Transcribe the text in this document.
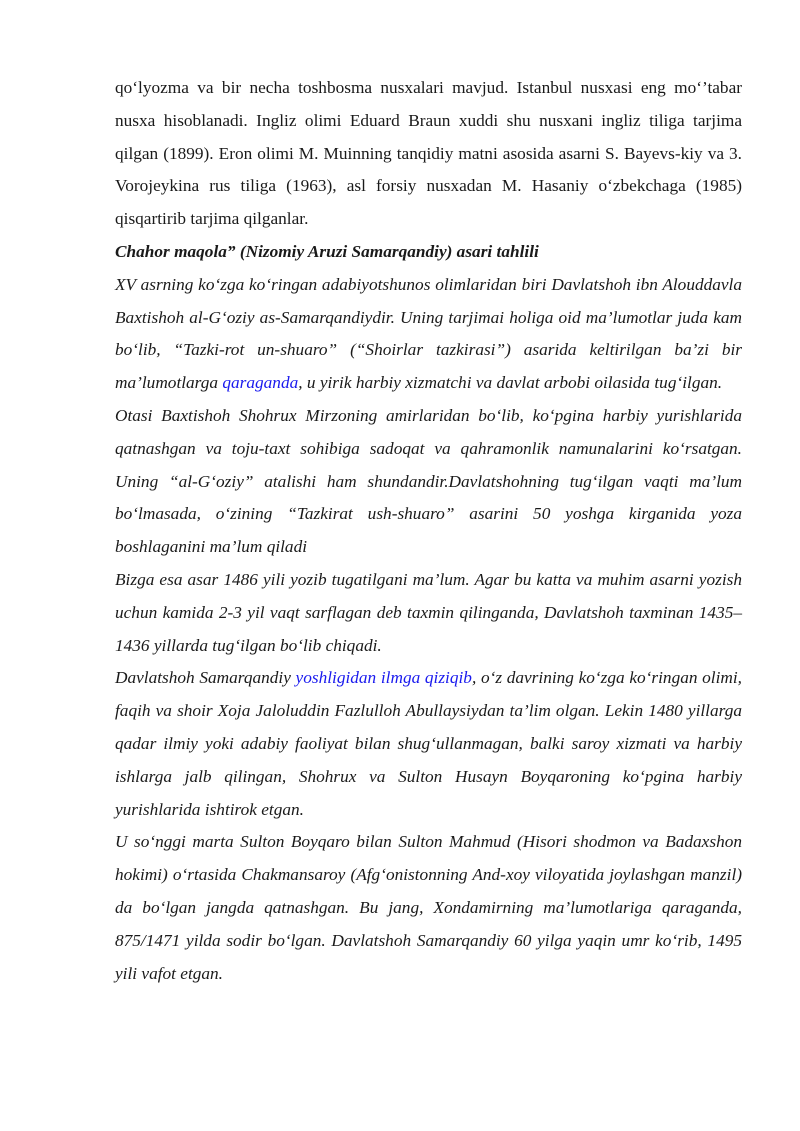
qo‘lyozma va bir necha toshbosma nusxalari mavjud. Istanbul nusxasi eng mo‘’tabar nusxa hisoblanadi. Ingliz olimi Eduard Braun xuddi shu nusxani ingliz tiliga tarjima qilgan (1899). Eron olimi M. Muinning tanqidiy matni asosida asarni S. Bayevs-kiy va 3. Vorojeykina rus tiliga (1963), asl forsiy nusxadan M. Hasaniy o‘zbekchaga (1985) qisqartirib tarjima qilganlar.

Chahor maqola” (Nizomiy Aruzi Samarqandiy) asari tahlili

XV asrning ko‘zga ko‘ringan adabiyotshunos olimlaridan biri Davlatshoh ibn Alouddavla Baxtishoh al-G‘oziy as-Samarqandiydir. Uning tarjimai holiga oid ma’lumotlar juda kam bo‘lib, “Tazki-rot un-shuaro” (“Shoirlar tazkirasi”) asarida keltirilgan ba’zi bir ma’lumotlarga qaraganda, u yirik harbiy xizmatchi va davlat arbobi oilasida tug‘ilgan.

Otasi Baxtishoh Shohrux Mirzoning amirlaridan bo‘lib, ko‘pgina harbiy yurishlarida qatnashgan va toju-taxt sohibiga sadoqat va qahramonlik namunalarini ko‘rsatgan. Uning “al-G‘oziy” atalishi ham shundandir.Davlatshohning tug‘ilgan vaqti ma’lum bo‘lmasada, o‘zining “Tazkirat ush-shuaro” asarini 50 yoshga kirganida yoza boshlaganini ma’lum qiladi

Bizga esa asar 1486 yili yozib tugatilgani ma’lum. Agar bu katta va muhim asarni yozish uchun kamida 2-3 yil vaqt sarflagan deb taxmin qilinganda, Davlatshoh taxminan 1435–1436 yillarda tug‘ilgan bo‘lib chiqadi.

Davlatshoh Samarqandiy yoshligidan ilmga qiziqib, o‘z davrining ko‘zga ko‘ringan olimi, faqih va shoir Xoja Jaloluddin Fazlulloh Abullaysiydan ta’lim olgan. Lekin 1480 yillarga qadar ilmiy yoki adabiy faoliyat bilan shug‘ullanmagan, balki saroy xizmati va harbiy ishlarga jalb qilingan, Shohrux va Sulton Husayn Boyqaroning ko‘pgina harbiy yurishlarida ishtirok etgan.

U so‘nggi marta Sulton Boyqaro bilan Sulton Mahmud (Hisori shodmon va Badaxshon hokimi) o‘rtasida Chakmansaroy (Afg‘onistonning And-xoy viloyatida joylashgan manzil) da bo‘lgan jangda qatnashgan. Bu jang, Xondamirning ma’lumotlariga qaraganda, 875/1471 yilda sodir bo‘lgan. Davlatshoh Samarqandiy 60 yilga yaqin umr ko‘rib, 1495 yili vafot etgan.
